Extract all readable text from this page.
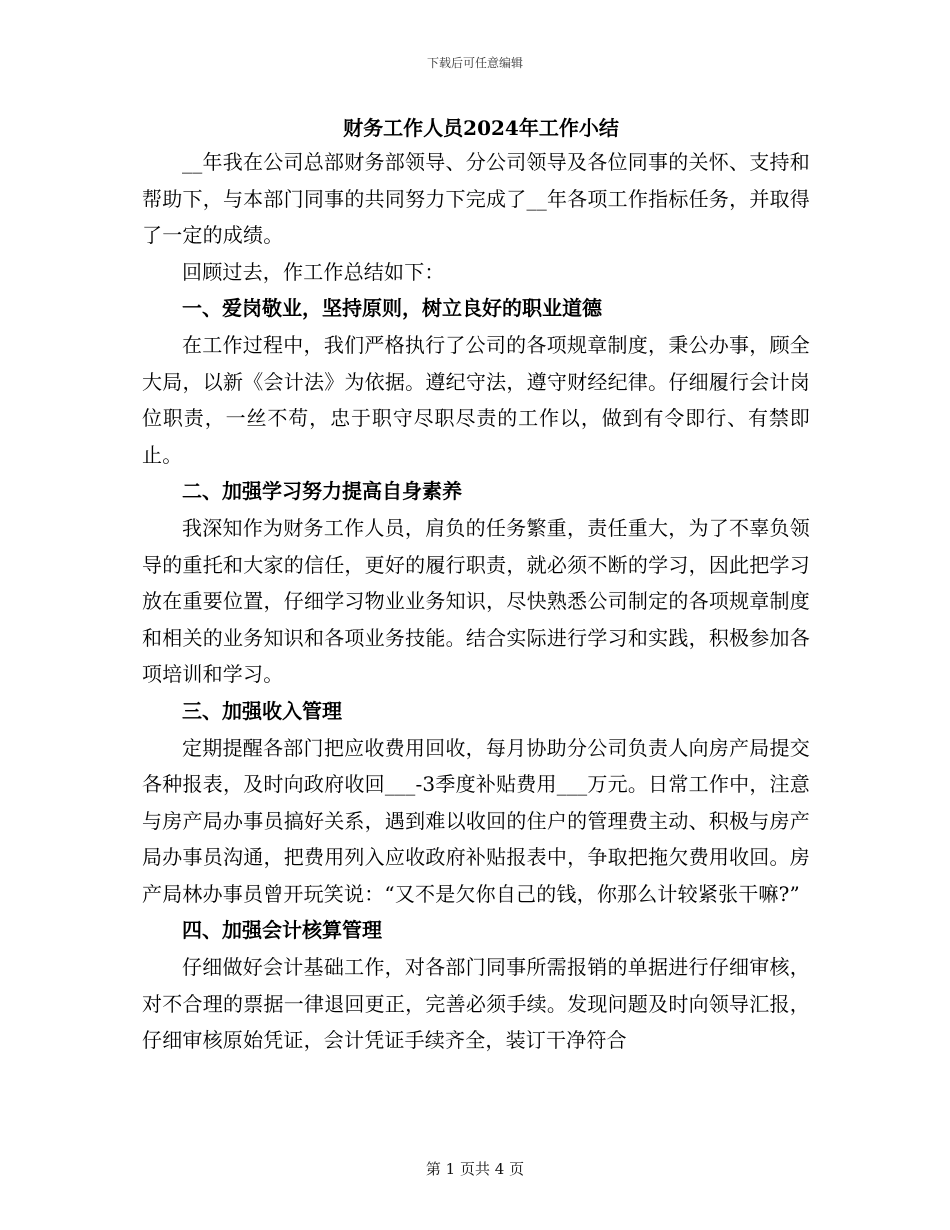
下载后可任意编辑

财务工作人员2024年工作小结

__年我在公司总部财务部领导、分公司领导及各位同事的关怀、支持和帮助下，与本部门同事的共同努力下完成了__年各项工作指标任务，并取得了一定的成绩。

回顾过去，作工作总结如下：

一、爱岗敬业，坚持原则，树立良好的职业道德

在工作过程中，我们严格执行了公司的各项规章制度，秉公办事，顾全大局，以新《会计法》为依据。遵纪守法，遵守财经纪律。仔细履行会计岗位职责，一丝不苟，忠于职守尽职尽责的工作以，做到有令即行、有禁即止。

二、加强学习努力提高自身素养

我深知作为财务工作人员，肩负的任务繁重，责任重大，为了不辜负领导的重托和大家的信任，更好的履行职责，就必须不断的学习，因此把学习放在重要位置，仔细学习物业业务知识，尽快熟悉公司制定的各项规章制度和相关的业务知识和各项业务技能。结合实际进行学习和实践，积极参加各项培训和学习。

三、加强收入管理

定期提醒各部门把应收费用回收，每月协助分公司负责人向房产局提交各种报表，及时向政府收回___-3季度补贴费用___万元。日常工作中，注意与房产局办事员搞好关系，遇到难以收回的住户的管理费主动、积极与房产局办事员沟通，把费用列入应收政府补贴报表中，争取把拖欠费用收回。房产局林办事员曾开玩笑说：“又不是欠你自己的钱，你那么计较紧张干嘛?”

四、加强会计核算管理

仔细做好会计基础工作，对各部门同事所需报销的单据进行仔细审核，对不合理的票据一律退回更正，完善必须手续。发现问题及时向领导汇报，仔细审核原始凭证，会计凭证手续齐全，装订干净符合

第 1 页共 4 页
